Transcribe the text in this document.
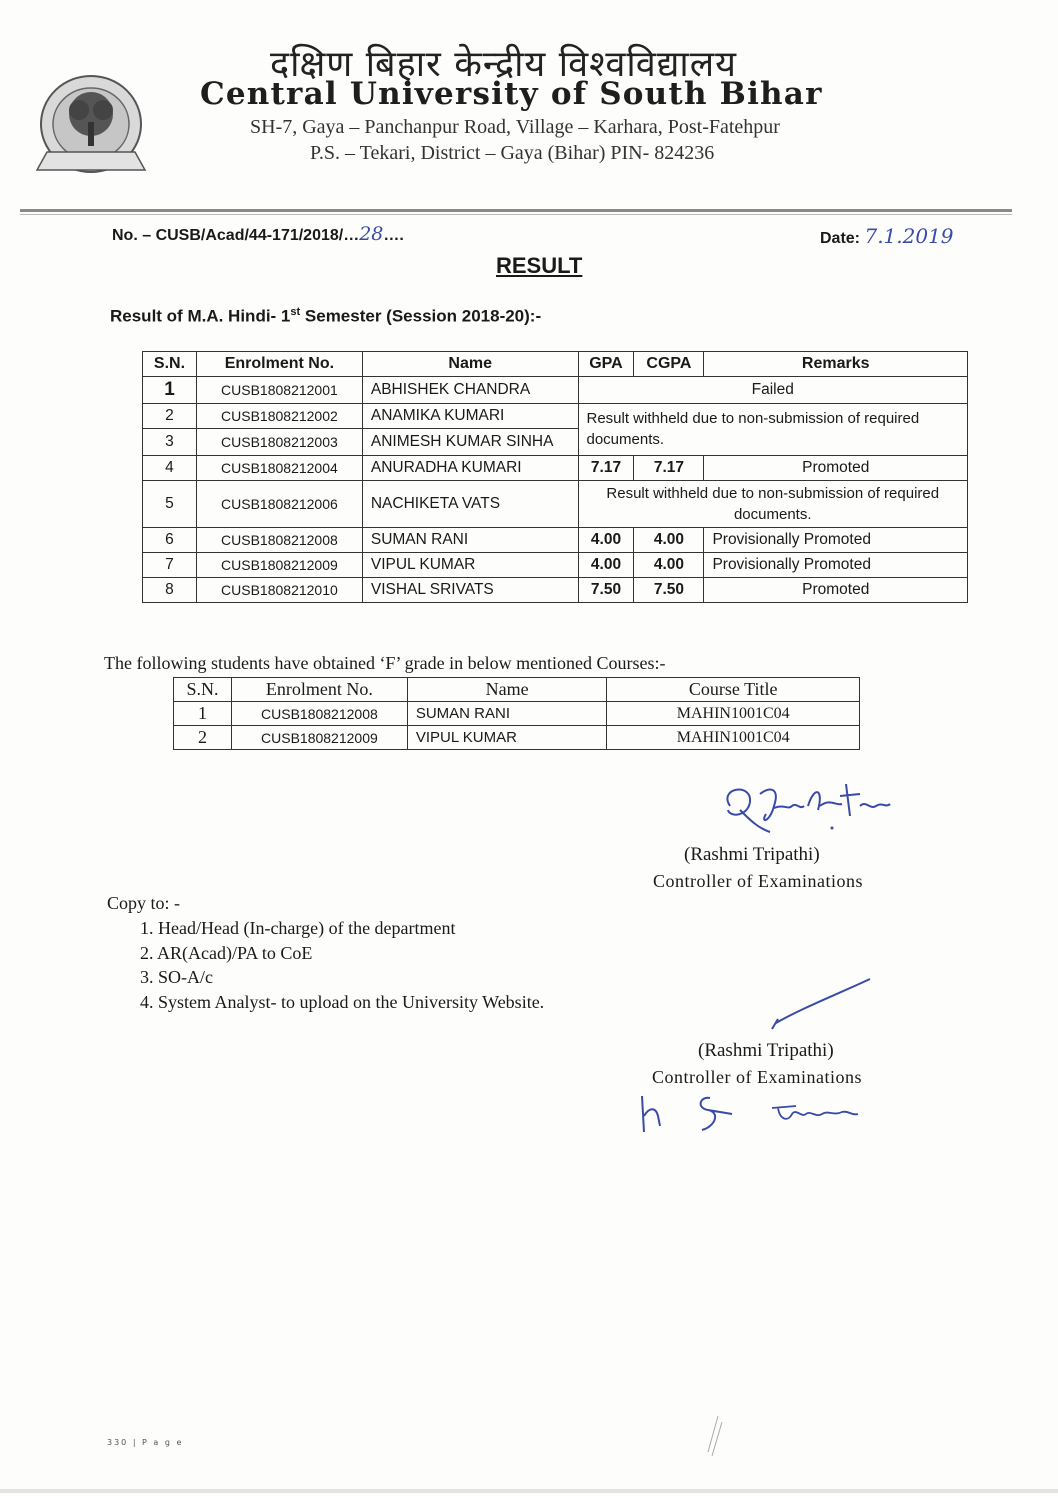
दक्षिण बिहार केन्द्रीय विश्वविद्यालय
Central University of South Bihar
SH-7, Gaya – Panchanpur Road, Village – Karhara, Post-Fatehpur
P.S. – Tekari, District – Gaya (Bihar) PIN- 824236
No. – CUSB/Acad/44-171/2018/…28….	Date: 7.1.2019
RESULT
Result of M.A. Hindi- 1st Semester (Session 2018-20):-
S.N.	Enrolment No.	Name	GPA	CGPA	Remarks
1	CUSB1808212001	ABHISHEK CHANDRA	Failed		
2	CUSB1808212002	ANAMIKA KUMARI	Result withheld due to non-submission of required documents.		
3	CUSB1808212003	ANIMESH KUMAR SINHA			
4	CUSB1808212004	ANURADHA KUMARI	7.17	7.17	Promoted
5	CUSB1808212006	NACHIKETA VATS	Result withheld due to non-submission of required documents.		
6	CUSB1808212008	SUMAN RANI	4.00	4.00	Provisionally Promoted
7	CUSB1808212009	VIPUL KUMAR	4.00	4.00	Provisionally Promoted
8	CUSB1808212010	VISHAL SRIVATS	7.50	7.50	Promoted
The following students have obtained ‘F’ grade in below mentioned Courses:-
S.N.	Enrolment No.	Name	Course Title
1	CUSB1808212008	SUMAN RANI	MAHIN1001C04
2	CUSB1808212009	VIPUL KUMAR	MAHIN1001C04
(Rashmi Tripathi)
Controller of Examinations
Copy to: -
1. Head/Head (In-charge) of the department
2. AR(Acad)/PA to CoE
3. SO-A/c
4. System Analyst- to upload on the University Website.
(Rashmi Tripathi)
Controller of Examinations
330 | P a g e
